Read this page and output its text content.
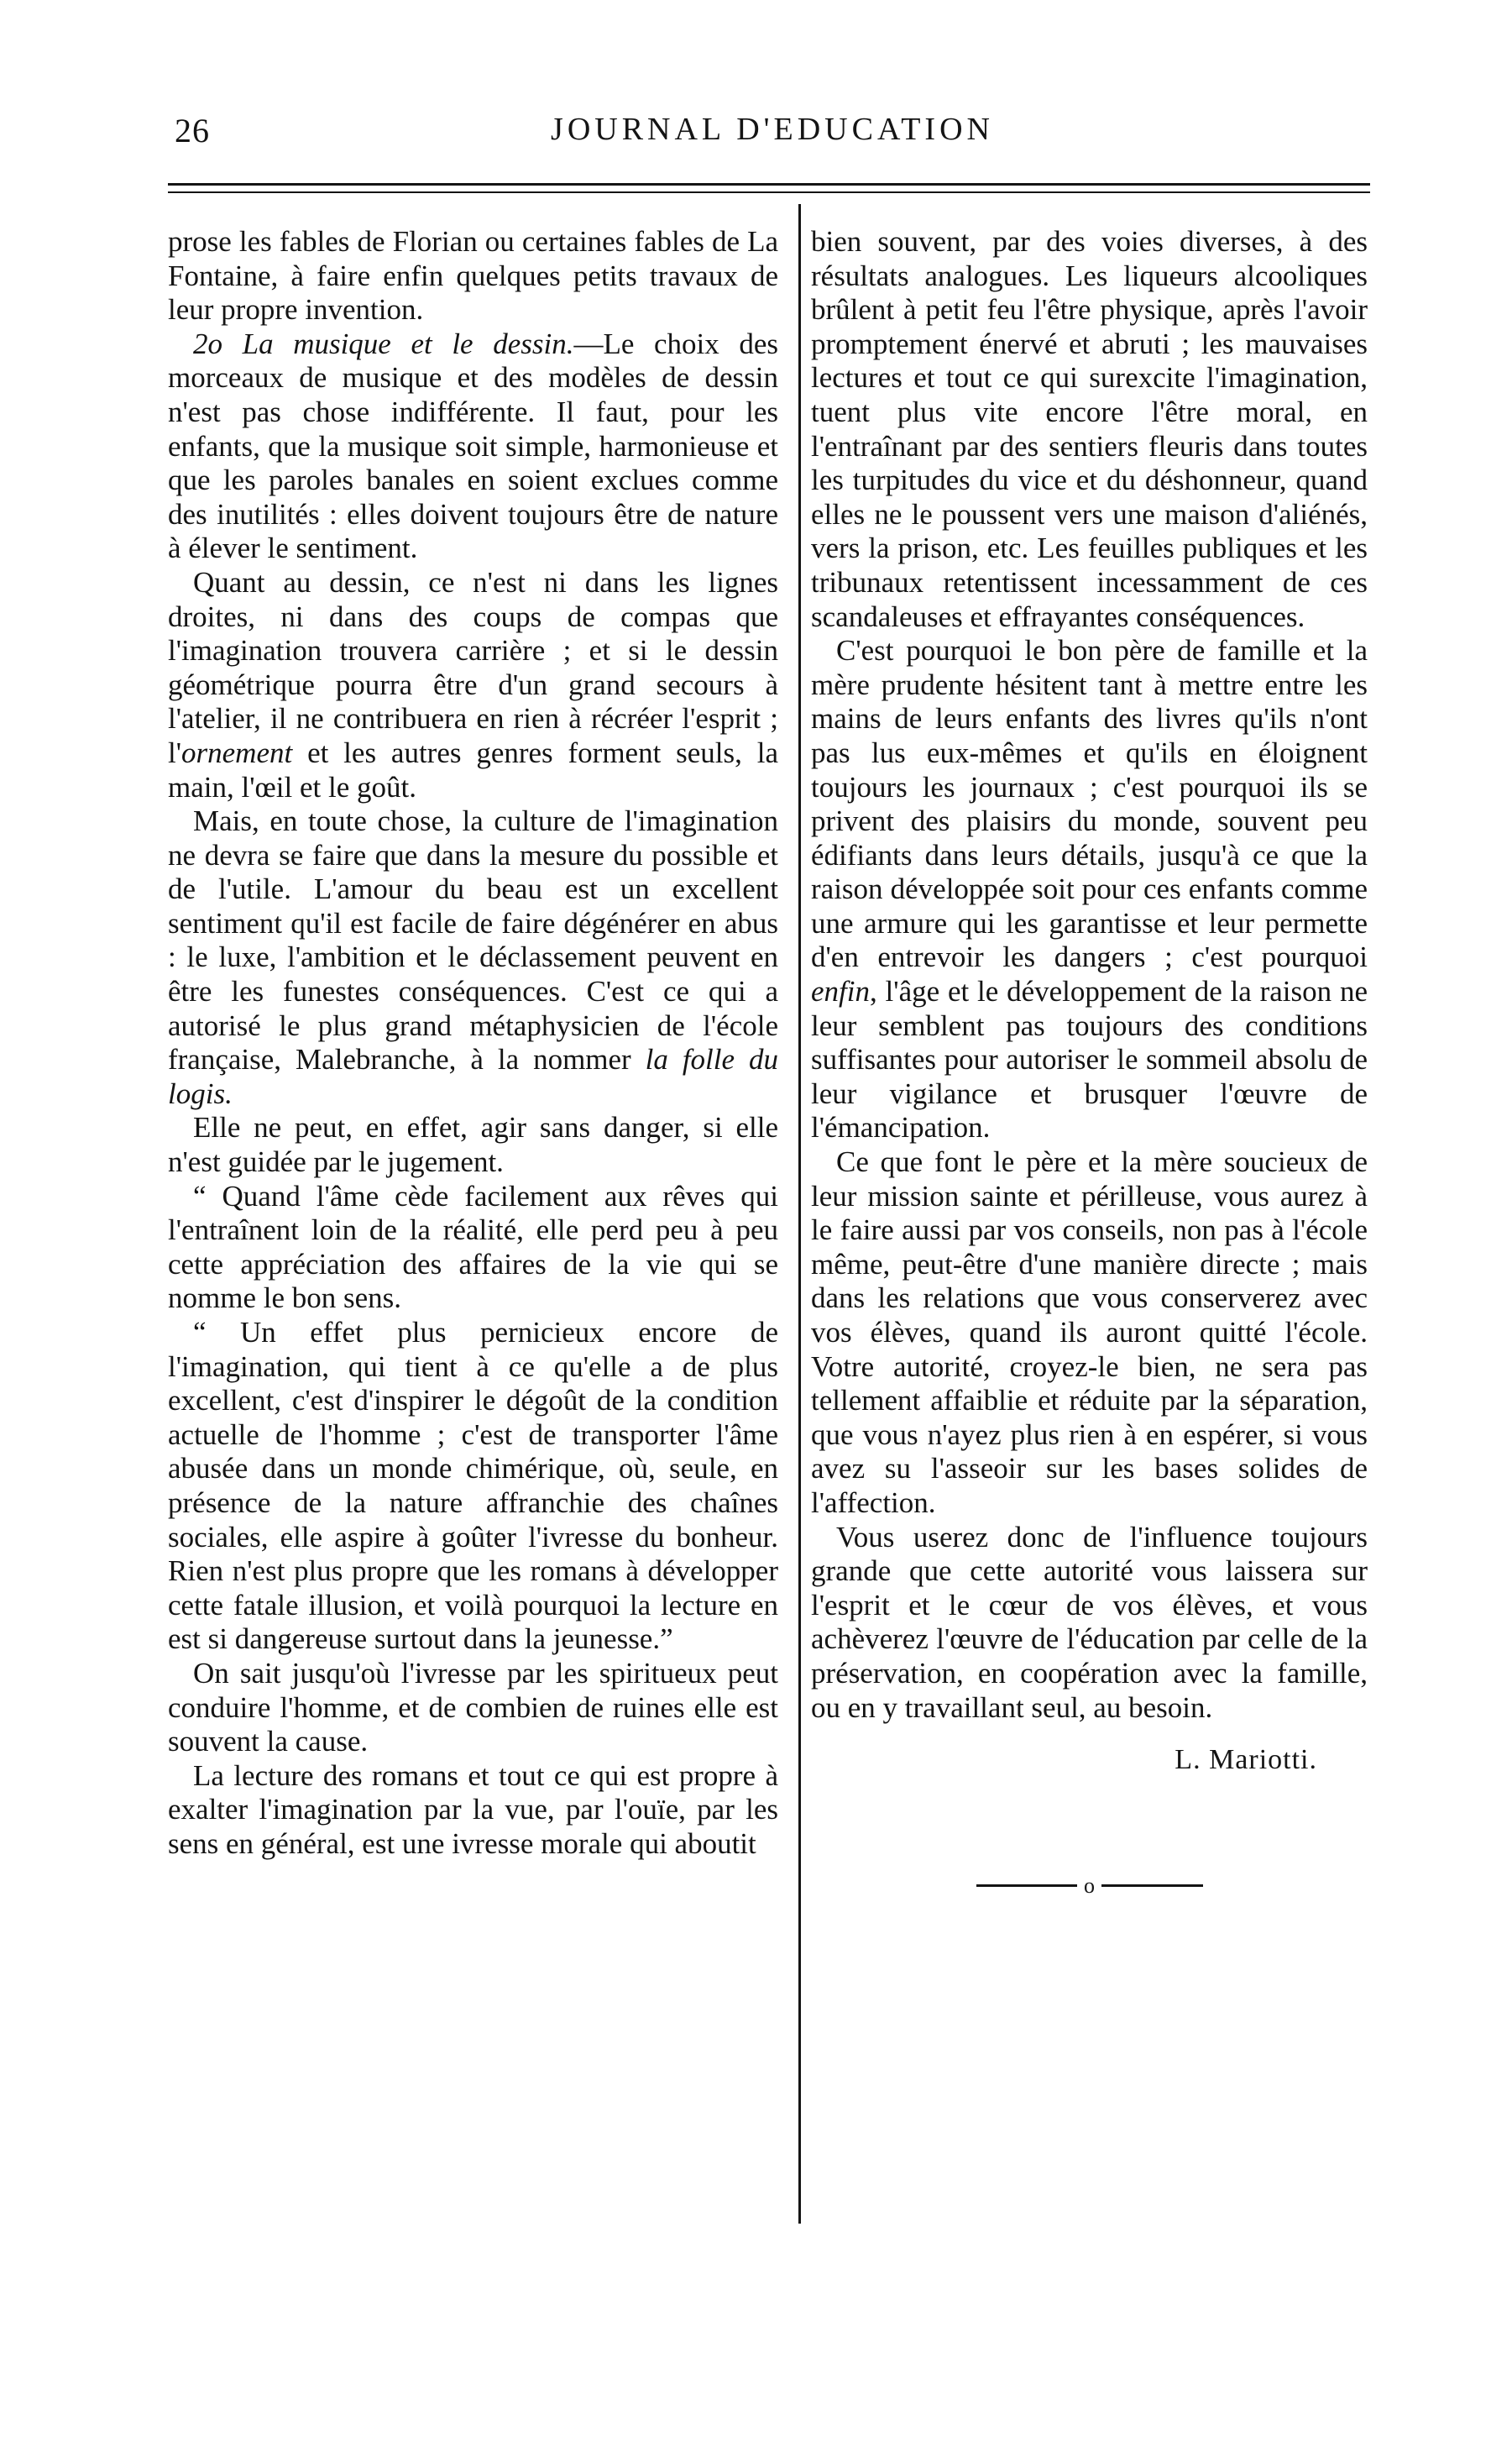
26	JOURNAL D'EDUCATION

prose les fables de Florian ou certaines fables de La Fontaine, à faire enfin quelques petits travaux de leur propre invention.

2o La musique et le dessin.—Le choix des morceaux de musique et des modèles de dessin n'est pas chose indifférente. Il faut, pour les enfants, que la musique soit simple, harmonieuse et que les paroles banales en soient exclues comme des inutilités : elles doivent toujours être de nature à élever le sentiment.

Quant au dessin, ce n'est ni dans les lignes droites, ni dans des coups de compas que l'imagination trouvera carrière ; et si le dessin géométrique pourra être d'un grand secours à l'atelier, il ne contribuera en rien à récréer l'esprit ; l'ornement et les autres genres forment seuls, la main, l'œil et le goût.

Mais, en toute chose, la culture de l'imagination ne devra se faire que dans la mesure du possible et de l'utile. L'amour du beau est un excellent sentiment qu'il est facile de faire dégénérer en abus : le luxe, l'ambition et le déclassement peuvent en être les funestes conséquences. C'est ce qui a autorisé le plus grand métaphysicien de l'école française, Malebranche, à la nommer la folle du logis.

Elle ne peut, en effet, agir sans danger, si elle n'est guidée par le jugement.

“ Quand l'âme cède facilement aux rêves qui l'entraînent loin de la réalité, elle perd peu à peu cette appréciation des affaires de la vie qui se nomme le bon sens.

“ Un effet plus pernicieux encore de l'imagination, qui tient à ce qu'elle a de plus excellent, c'est d'inspirer le dégoût de la condition actuelle de l'homme ; c'est de transporter l'âme abusée dans un monde chimérique, où, seule, en présence de la nature affranchie des chaînes sociales, elle aspire à goûter l'ivresse du bonheur. Rien n'est plus propre que les romans à développer cette fatale illusion, et voilà pourquoi la lecture en est si dangereuse surtout dans la jeunesse.”

On sait jusqu'où l'ivresse par les spiritueux peut conduire l'homme, et de combien de ruines elle est souvent la cause.

La lecture des romans et tout ce qui est propre à exalter l'imagination par la vue, par l'ouïe, par les sens en général, est une ivresse morale qui aboutit

bien souvent, par des voies diverses, à des résultats analogues. Les liqueurs alcooliques brûlent à petit feu l'être physique, après l'avoir promptement énervé et abruti ; les mauvaises lectures et tout ce qui surexcite l'imagination, tuent plus vite encore l'être moral, en l'entraînant par des sentiers fleuris dans toutes les turpitudes du vice et du déshonneur, quand elles ne le poussent vers une maison d'aliénés, vers la prison, etc. Les feuilles publiques et les tribunaux retentissent incessamment de ces scandaleuses et effrayantes conséquences.

C'est pourquoi le bon père de famille et la mère prudente hésitent tant à mettre entre les mains de leurs enfants des livres qu'ils n'ont pas lus eux-mêmes et qu'ils en éloignent toujours les journaux ; c'est pourquoi ils se privent des plaisirs du monde, souvent peu édifiants dans leurs détails, jusqu'à ce que la raison développée soit pour ces enfants comme une armure qui les garantisse et leur permette d'en entrevoir les dangers ; c'est pourquoi enfin, l'âge et le développement de la raison ne leur semblent pas toujours des conditions suffisantes pour autoriser le sommeil absolu de leur vigilance et brusquer l'œuvre de l'émancipation.

Ce que font le père et la mère soucieux de leur mission sainte et périlleuse, vous aurez à le faire aussi par vos conseils, non pas à l'école même, peut-être d'une manière directe ; mais dans les relations que vous conserverez avec vos élèves, quand ils auront quitté l'école. Votre autorité, croyez-le bien, ne sera pas tellement affaiblie et réduite par la séparation, que vous n'ayez plus rien à en espérer, si vous avez su l'asseoir sur les bases solides de l'affection.

Vous userez donc de l'influence toujours grande que cette autorité vous laissera sur l'esprit et le cœur de vos élèves, et vous achèverez l'œuvre de l'éducation par celle de la préservation, en coopération avec la famille, ou en y travaillant seul, au besoin.

L. Mariotti.
o
